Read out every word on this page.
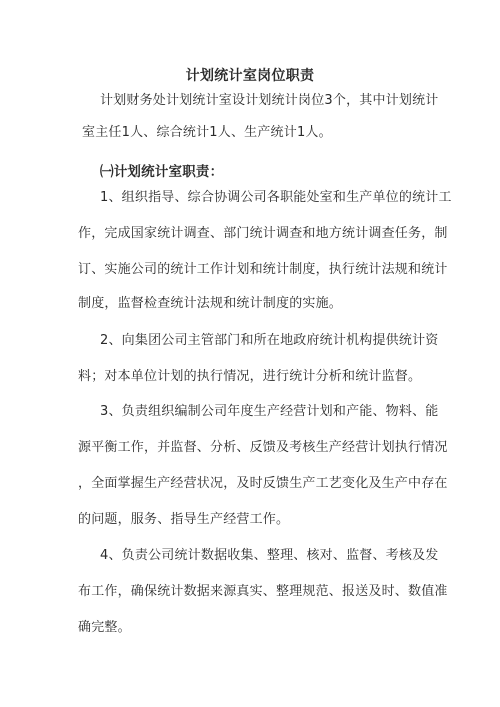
计划统计室岗位职责
计划财务处计划统计室设计划统计岗位3个，其中计划统计
室主任1人、综合统计1人、生产统计1人。
㈠计划统计室职责：
1、组织指导、综合协调公司各职能处室和生产单位的统计工
作，完成国家统计调查、部门统计调查和地方统计调查任务，制
订、实施公司的统计工作计划和统计制度，执行统计法规和统计
制度，监督检查统计法规和统计制度的实施。
2、向集团公司主管部门和所在地政府统计机构提供统计资
料；对本单位计划的执行情况，进行统计分析和统计监督。
3、负责组织编制公司年度生产经营计划和产能、物料、能
源平衡工作，并监督、分析、反馈及考核生产经营计划执行情况
，全面掌握生产经营状况，及时反馈生产工艺变化及生产中存在
的问题，服务、指导生产经营工作。
4、负责公司统计数据收集、整理、核对、监督、考核及发
布工作，确保统计数据来源真实、整理规范、报送及时、数值准
确完整。
